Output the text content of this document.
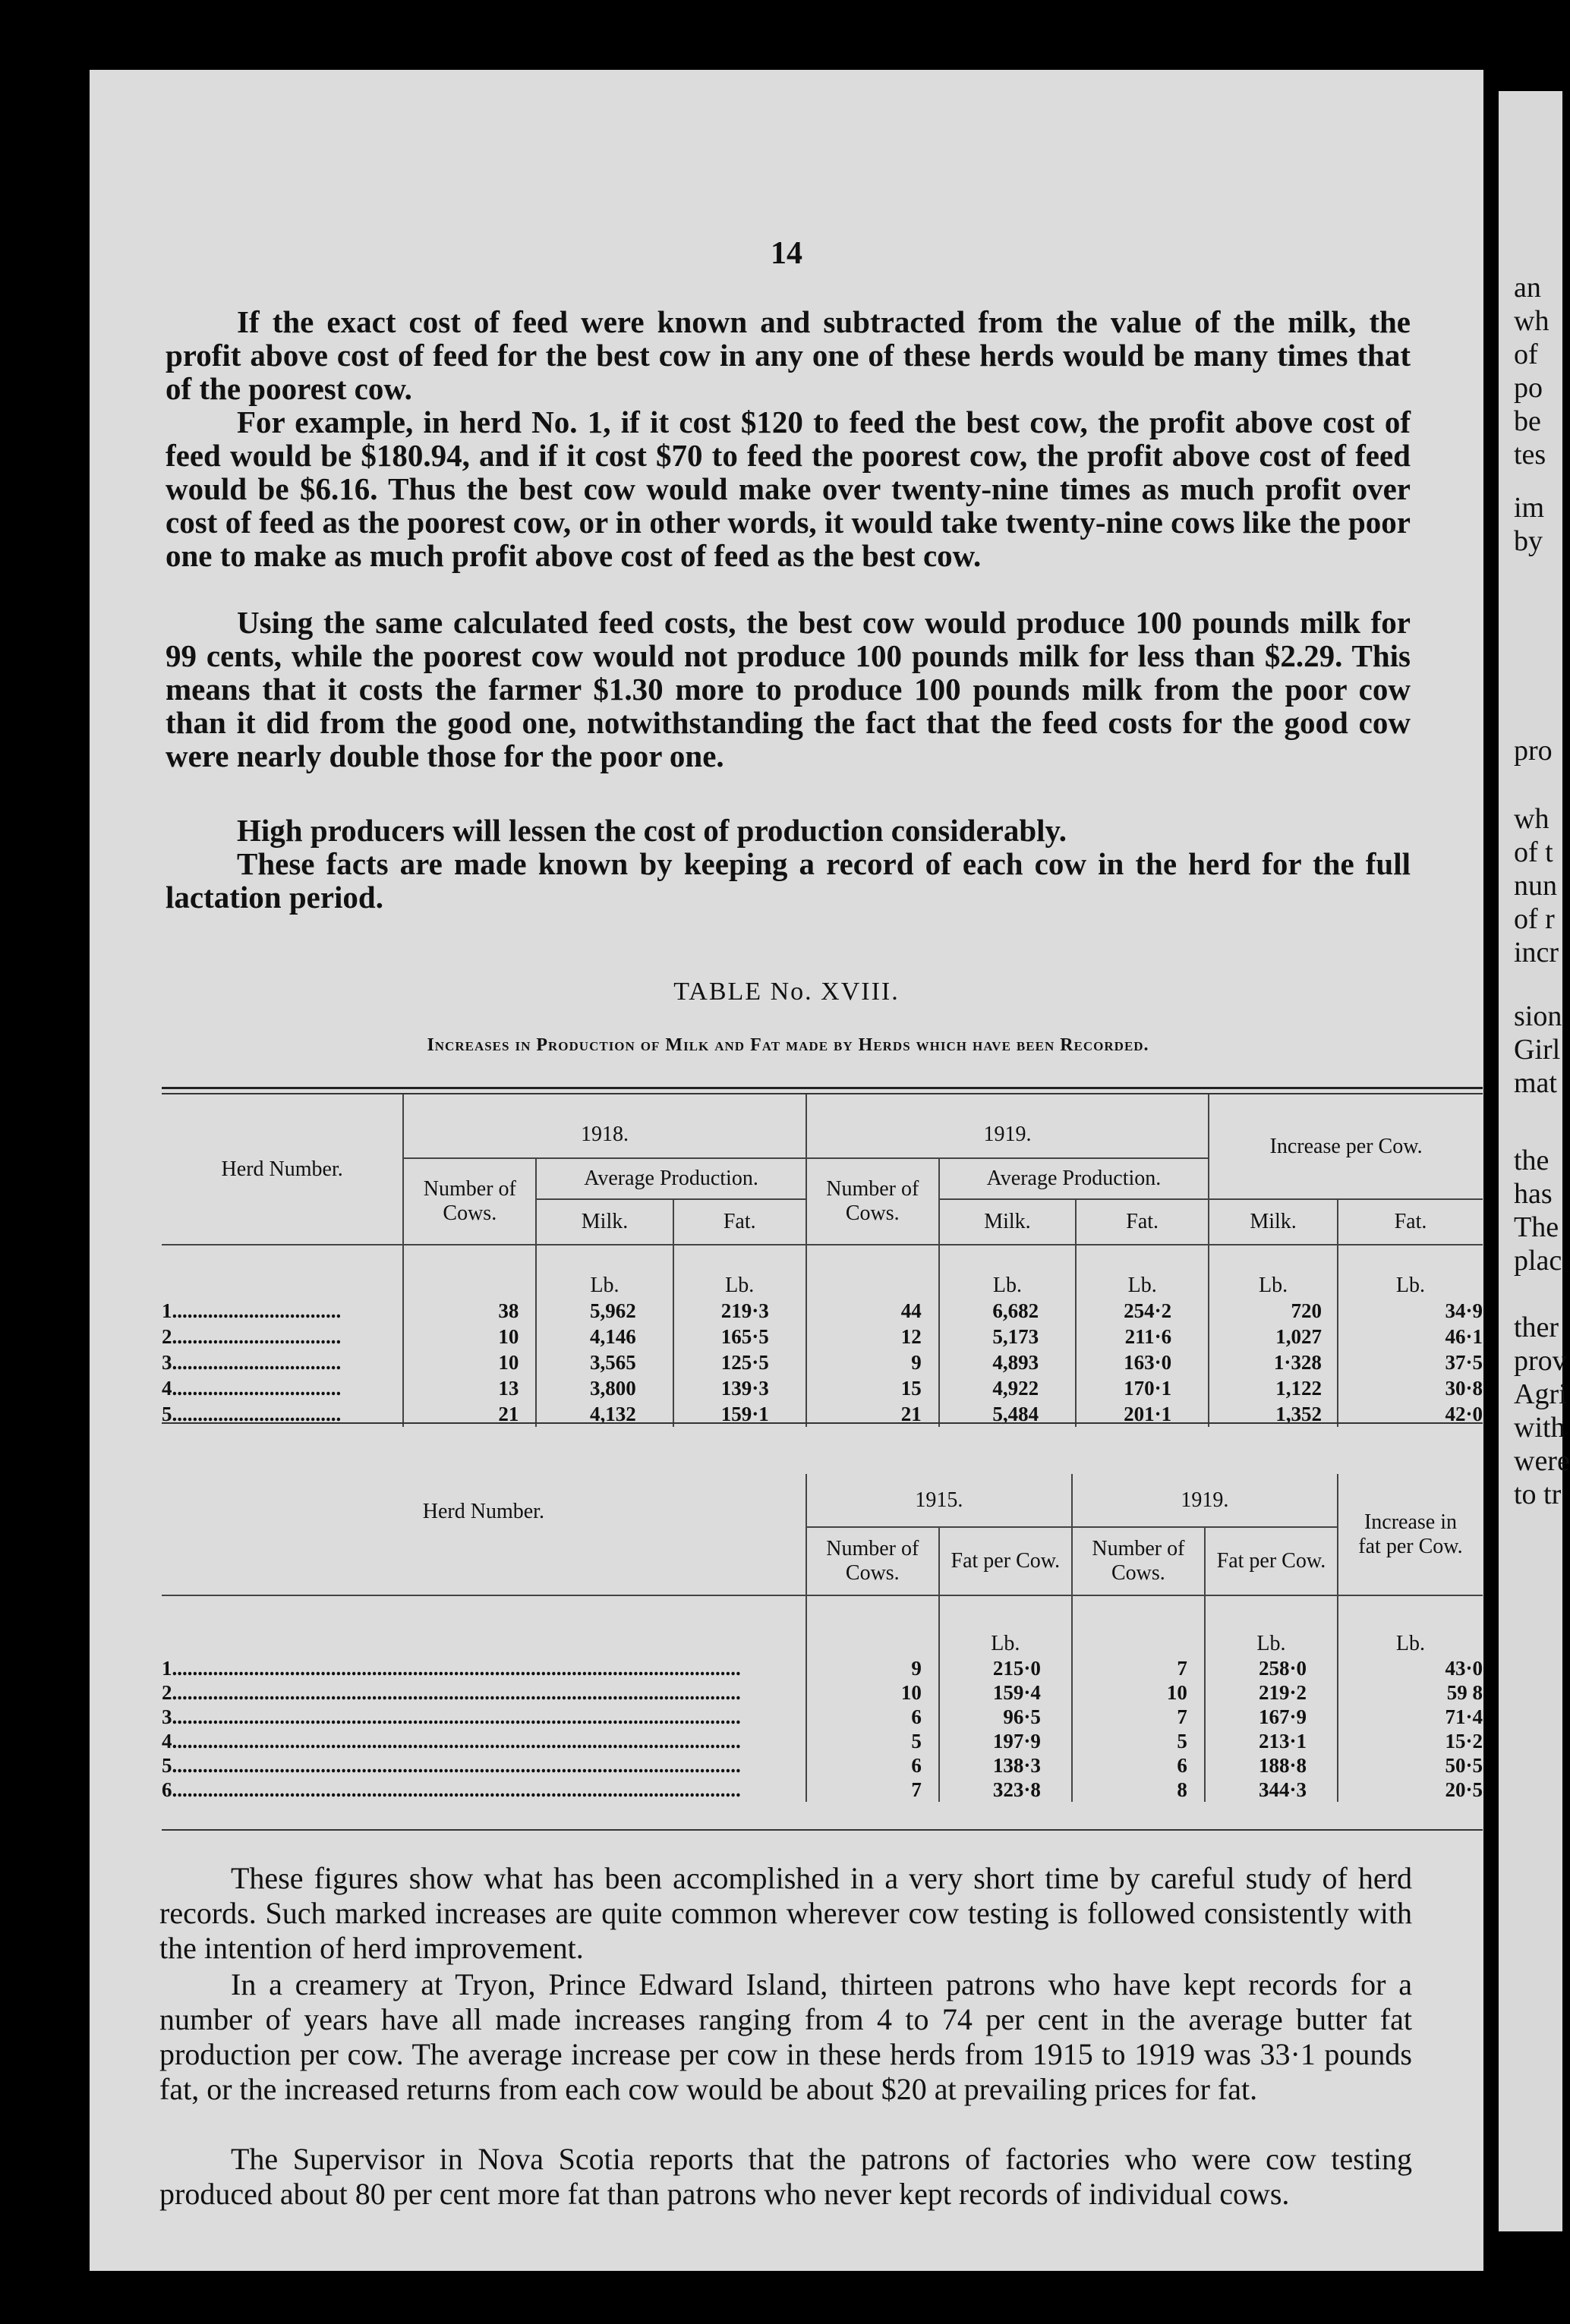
14
If the exact cost of feed were known and subtracted from the value of the milk, the profit above cost of feed for the best cow in any one of these herds would be many times that of the poorest cow.
For example, in herd No. 1, if it cost $120 to feed the best cow, the profit above cost of feed would be $180.94, and if it cost $70 to feed the poorest cow, the profit above cost of feed would be $6.16. Thus the best cow would make over twenty-nine times as much profit over cost of feed as the poorest cow, or in other words, it would take twenty-nine cows like the poor one to make as much profit above cost of feed as the best cow.
Using the same calculated feed costs, the best cow would produce 100 pounds milk for 99 cents, while the poorest cow would not produce 100 pounds milk for less than $2.29. This means that it costs the farmer $1.30 more to produce 100 pounds milk from the poor cow than it did from the good one, notwithstanding the fact that the feed costs for the good cow were nearly double those for the poor one.
High producers will lessen the cost of production considerably.
These facts are made known by keeping a record of each cow in the herd for the full lactation period.
TABLE No. XVIII.
Increases in Production of Milk and Fat made by Herds which have been Recorded.
Herd Number.	1918.			1919.			Increase per Cow.	
	Number of Cows.	Average Production.		Number of Cows.	Average Production.			
		Milk.	Fat.		Milk.	Fat.	Milk.	Fat.
		Lb.	Lb.		Lb.	Lb.	Lb.	Lb.
1.................................	38	5,962	219·3	44	6,682	254·2	720	34·9
2.................................	10	4,146	165·5	12	5,173	211·6	1,027	46·1
3.................................	10	3,565	125·5	9	4,893	163·0	1·328	37·5
4.................................	13	3,800	139·3	15	4,922	170·1	1,122	30·8
5.................................	21	4,132	159·1	21	5,484	201·1	1,352	42·0
Herd Number.	1915.		1919.		Increase in fat per Cow.
	Number of Cows.	Fat per Cow.	Number of Cows.	Fat per Cow.	
		Lb.		Lb.	Lb.
1...............................................................................................................	9	215·0	7	258·0	43·0
2...............................................................................................................	10	159·4	10	219·2	59 8
3...............................................................................................................	6	96·5	7	167·9	71·4
4...............................................................................................................	5	197·9	5	213·1	15·2
5...............................................................................................................	6	138·3	6	188·8	50·5
6...............................................................................................................	7	323·8	8	344·3	20·5
These figures show what has been accomplished in a very short time by careful study of herd records. Such marked increases are quite common wherever cow testing is followed consistently with the intention of herd improvement.
In a creamery at Tryon, Prince Edward Island, thirteen patrons who have kept records for a number of years have all made increases ranging from 4 to 74 per cent in the average butter fat production per cow. The average increase per cow in these herds from 1915 to 1919 was 33·1 pounds fat, or the increased returns from each cow would be about $20 at prevailing prices for fat.
The Supervisor in Nova Scotia reports that the patrons of factories who were cow testing produced about 80 per cent more fat than patrons who never kept records of individual cows.
an
wh
of
po
be
tes
im
by
pro
wh
of t
nun
of r
incr
sion
Girl
mat
the
has
The
plac
ther
prov
Agri
with
were
to tr
